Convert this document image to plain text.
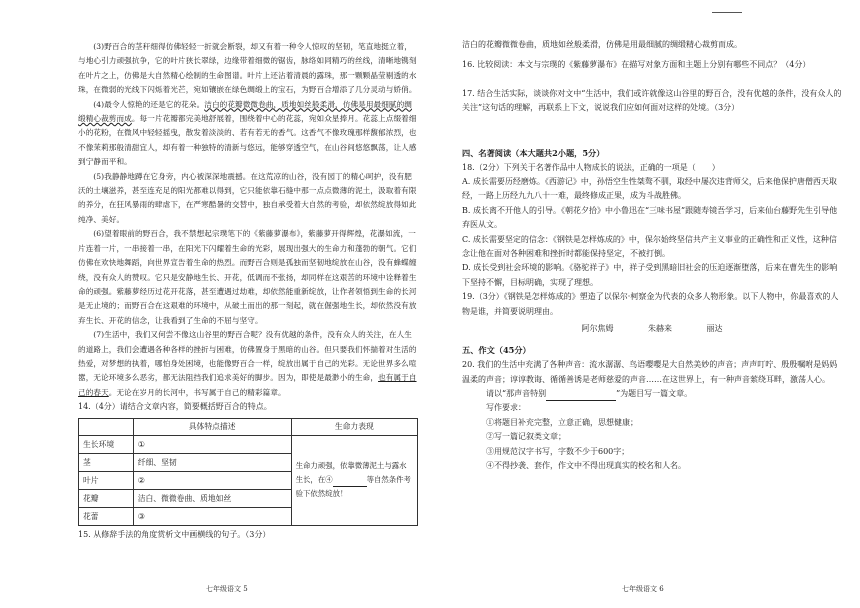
(3)野百合的茎秆细得仿佛轻轻一折就会断裂，却又有着一种令人惊叹的坚韧，笔直地挺立着，与地心引力顽强抗争，它的叶片狭长翠绿，边缘带着细微的锯齿，脉络如同精巧的丝线，清晰地镌刻在叶片之上，仿佛是大自然精心绘制的生命图谱。叶片上还沾着清晨的露珠，那一颗颗晶莹剔透的水珠，在微弱的光线下闪烁着光芒，宛如镶嵌在绿色绸缎上的宝石，为野百合增添了几分灵动与娇俏。

(4)最令人惊艳的还是它的花朵。洁白的花瓣微微卷曲，质地如丝般柔滑，仿佛是用最细腻的绸缎精心裁剪而成。每一片花瓣都完美地舒展着，围绕着中心的花蕊，宛如众星捧月。花蕊上点缀着细小的花粉，在微风中轻轻摇曳，散发着淡淡的、若有若无的香气。这香气不像玫瑰那样馥郁浓烈，也不像茉莉那般清甜宜人，却有着一种独特的清新与悠远，能够穿透空气，在山谷间悠悠飘荡，让人感到宁静而平和。

(5)我静静地蹲在它身旁，内心被深深地震撼。在这荒凉的山谷，没有园丁的精心呵护，没有肥沃的土壤滋养，甚至连充足的阳光都难以得到，它只能依靠石缝中那一点点微薄的泥土，汲取着有限的养分，在狂风暴雨的肆虐下，在严寒酷暑的交替中，独自承受着大自然的考验，却依然绽放得如此纯净、美好。

(6)望着眼前的野百合，我不禁想起宗璞笔下的《紫藤萝瀑布》，紫藤萝开得辉煌，花瀑如流，一片连着一片，一串接着一串，在阳光下闪耀着生命的光彩，展现出强大的生命力和蓬勃的朝气。它们仿佛在欢快地舞蹈，向世界宣告着生命的热烈。而野百合则是孤独而坚韧地绽放在山谷，没有蜂蝶缠绕，没有众人的赞叹。它只是安静地生长、开花，低调而不张扬，却同样在这艰苦的环境中诠释着生命的顽强。紫藤萝经历过花开花落，甚至遭遇过劫难，却依然能重新绽放，让作者领悟到生命的长河是无止境的；而野百合在这艰难的环境中，从破土而出的那一刻起，就在倔强地生长，却依然没有放弃生长、开花的信念，让我看到了生命的不屈与坚守。

(7)生活中，我们又何尝不像这山谷里的野百合呢？没有优越的条件，没有众人的关注，在人生的道路上，我们会遭遇各种各样的挫折与困难，仿佛置身于黑暗的山谷。但只要我们怀揣着对生活的热爱，对梦想的执着，哪怕身处困境，也能像野百合一样，绽放出属于自己的光彩。无论世界多么喧嚣，无论环境多么恶劣，都无法阻挡我们追求美好的脚步。因为，即使是最渺小的生命，也有属于自己的春天。无论在岁月的长河中，书写属于自己的精彩篇章。

14.（4分）请结合文章内容，简要概括野百合的特点。
	具体特点描述	生命力表现
生长环境	①	生命力顽强，依靠微薄泥土与露水生长，在④ 等自然条件考验下依然绽放！
茎	纤细、坚韧	
叶片	②	
花瓣	洁白、微微卷曲、质地如丝	
花蕾	③	
15. 从修辞手法的角度赏析文中画横线的句子。（3分）
七年级语文 5
洁白的花瓣微微卷曲，质地如丝般柔滑，仿佛是用最细腻的绸缎精心裁剪而成。
16. 比较阅读：本文与宗璞的《紫藤萝瀑布》在描写对象方面和主题上分别有哪些不同点？（4分）
17. 结合生活实际，谈谈你对文中“生活中，我们或许就像这山谷里的野百合，没有优越的条件，没有众人的关注”这句话的理解，再联系上下文，说说我们应如何面对这样的处境。（3分）
四、名著阅读（本大题共2小题，5分）
18.（2分）下列关于名著作品中人物成长的说法，正确的一项是（　　）
A. 成长需要历经磨炼。《西游记》中，孙悟空生性桀骜不驯，取经中屡次违背师父，后来他保护唐僧西天取经，一路上历经九九八十一难，最终修成正果，成为斗战胜佛。
B. 成长离不开他人的引导。《朝花夕拾》中小鲁迅在“三味书屋”跟随寿镜吾学习，后来仙台藤野先生引导他弃医从文。
C. 成长需要坚定的信念：《钢铁是怎样炼成的》中，保尔始终坚信共产主义事业的正确性和正义性，这种信念让他在面对各种困难和挫折时都能保持坚定，不被打倒。
D. 成长受到社会环境的影响。《骆驼祥子》中，祥子受到黑暗旧社会的压迫逐渐堕落，后来在曹先生的影响下坚持不懈，目标明确，实现了理想。
19.（3分）《钢铁是怎样炼成的》塑造了以保尔·柯察金为代表的众多人物形象。以下人物中，你最喜欢的人物是谁，并简要说明理由。
阿尔焦姆	朱赫来	丽达
五、作文（45分）
20. 我们的生活中充满了各种声音：流水潺潺、鸟语嘤嘤是大自然美妙的声音；声声叮咛、殷殷嘱咐是妈妈温柔的声音；谆谆教诲、循循善诱是老师慈爱的声音……在这世界上，有一种声音萦绕耳畔，激荡人心。
请以“那声音特别	”为题目写一篇文章。
写作要求：
①将题目补充完整，立意正确，思想健康；
②写一篇记叙类文章；
③用规范汉字书写，字数不少于600字；
④不得抄袭、套作，作文中不得出现真实的校名和人名。
七年级语文 6
